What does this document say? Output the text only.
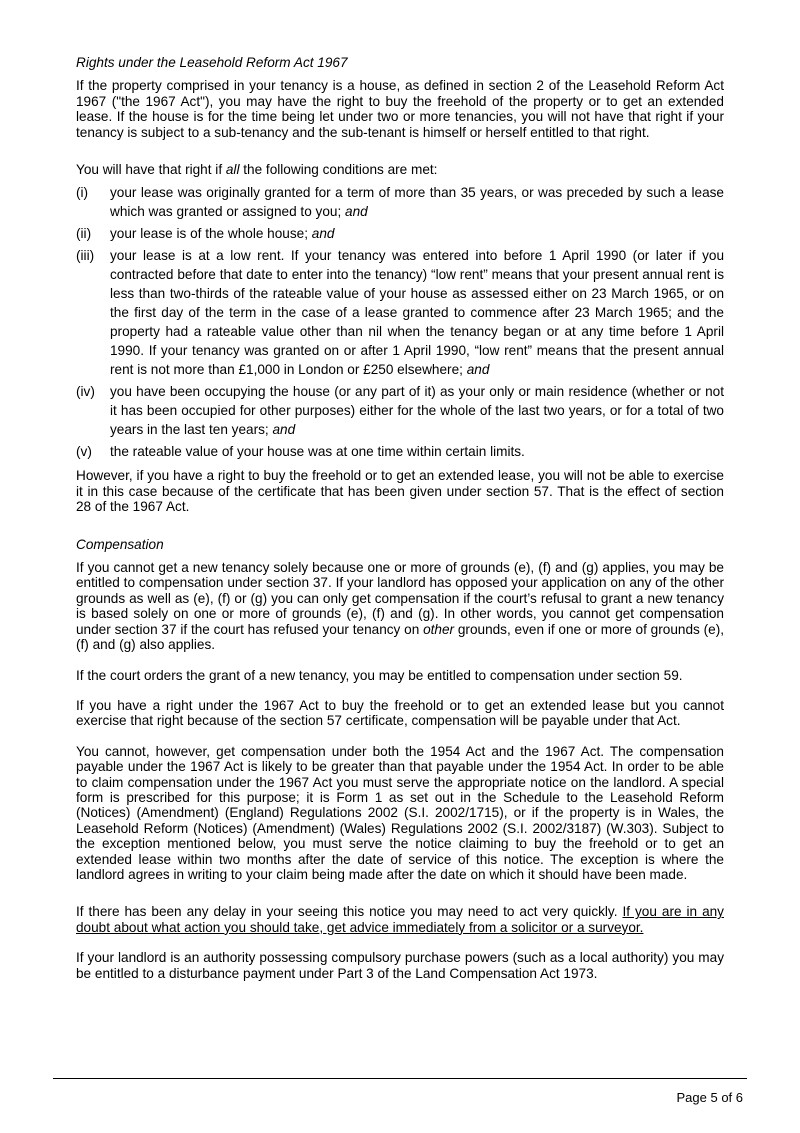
Rights under the Leasehold Reform Act 1967

If the property comprised in your tenancy is a house, as defined in section 2 of the Leasehold Reform Act 1967 ("the 1967 Act"), you may have the right to buy the freehold of the property or to get an extended lease. If the house is for the time being let under two or more tenancies, you will not have that right if your tenancy is subject to a sub-tenancy and the sub-tenant is himself or herself entitled to that right.

You will have that right if all the following conditions are met:

(i) your lease was originally granted for a term of more than 35 years, or was preceded by such a lease which was granted or assigned to you; and
(ii) your lease is of the whole house; and
(iii) your lease is at a low rent. If your tenancy was entered into before 1 April 1990 (or later if you contracted before that date to enter into the tenancy) “low rent” means that your present annual rent is less than two-thirds of the rateable value of your house as assessed either on 23 March 1965, or on the first day of the term in the case of a lease granted to commence after 23 March 1965; and the property had a rateable value other than nil when the tenancy began or at any time before 1 April 1990. If your tenancy was granted on or after 1 April 1990, “low rent” means that the present annual rent is not more than £1,000 in London or £250 elsewhere; and
(iv) you have been occupying the house (or any part of it) as your only or main residence (whether or not it has been occupied for other purposes) either for the whole of the last two years, or for a total of two years in the last ten years; and
(v) the rateable value of your house was at one time within certain limits.

However, if you have a right to buy the freehold or to get an extended lease, you will not be able to exercise it in this case because of the certificate that has been given under section 57. That is the effect of section 28 of the 1967 Act.

Compensation

If you cannot get a new tenancy solely because one or more of grounds (e), (f) and (g) applies, you may be entitled to compensation under section 37. If your landlord has opposed your application on any of the other grounds as well as (e), (f) or (g) you can only get compensation if the court’s refusal to grant a new tenancy is based solely on one or more of grounds (e), (f) and (g). In other words, you cannot get compensation under section 37 if the court has refused your tenancy on other grounds, even if one or more of grounds (e), (f) and (g) also applies.

If the court orders the grant of a new tenancy, you may be entitled to compensation under section 59.

If you have a right under the 1967 Act to buy the freehold or to get an extended lease but you cannot exercise that right because of the section 57 certificate, compensation will be payable under that Act.

You cannot, however, get compensation under both the 1954 Act and the 1967 Act. The compensation payable under the 1967 Act is likely to be greater than that payable under the 1954 Act. In order to be able to claim compensation under the 1967 Act you must serve the appropriate notice on the landlord. A special form is prescribed for this purpose; it is Form 1 as set out in the Schedule to the Leasehold Reform (Notices) (Amendment) (England) Regulations 2002 (S.I. 2002/1715), or if the property is in Wales, the Leasehold Reform (Notices) (Amendment) (Wales) Regulations 2002 (S.I. 2002/3187) (W.303). Subject to the exception mentioned below, you must serve the notice claiming to buy the freehold or to get an extended lease within two months after the date of service of this notice. The exception is where the landlord agrees in writing to your claim being made after the date on which it should have been made.

If there has been any delay in your seeing this notice you may need to act very quickly. If you are in any doubt about what action you should take, get advice immediately from a solicitor or a surveyor.

If your landlord is an authority possessing compulsory purchase powers (such as a local authority) you may be entitled to a disturbance payment under Part 3 of the Land Compensation Act 1973.

Page 5 of 6
